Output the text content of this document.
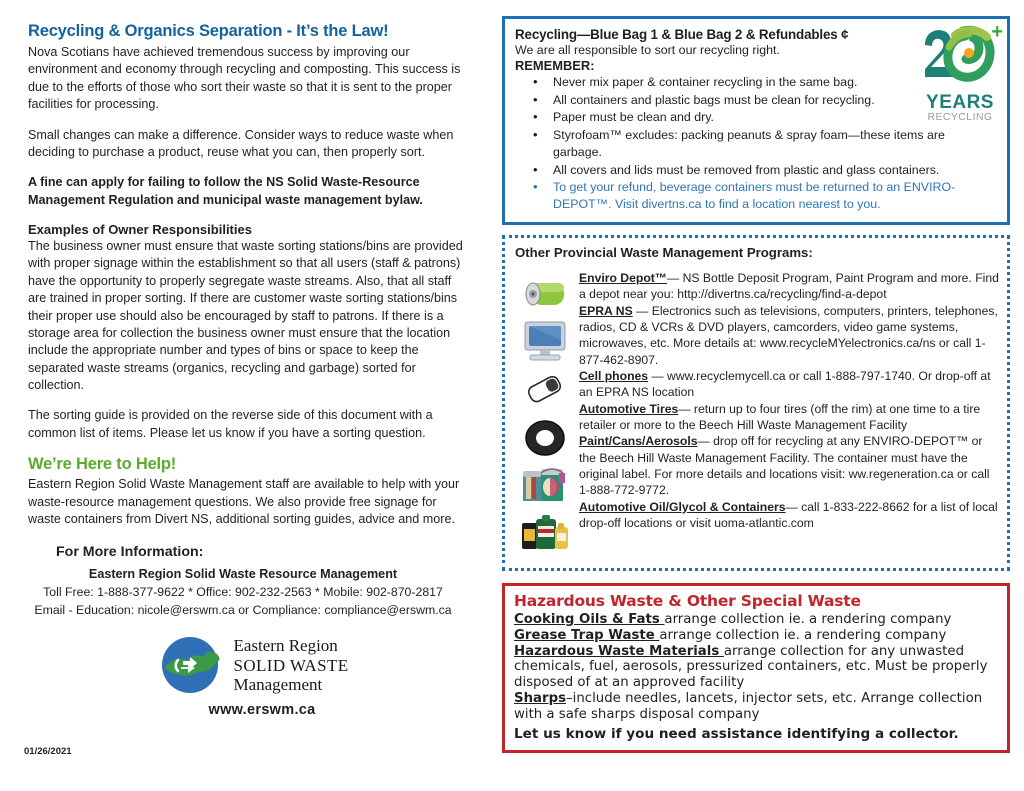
Recycling & Organics Separation - It’s the Law!

Nova Scotians have achieved tremendous success by improving our environment and economy through recycling and composting. This success is due to the efforts of those who sort their waste so that it is sent to the proper facilities for processing.

Small changes can make a difference. Consider ways to reduce waste when deciding to purchase a product, reuse what you can, then properly sort.

A fine can apply for failing to follow the NS Solid Waste-Resource Management Regulation and municipal waste management bylaw.

Examples of Owner Responsibilities

The business owner must ensure that waste sorting stations/bins are provided with proper signage within the establishment so that all users (staff & patrons) have the opportunity to properly segregate waste streams. Also, that all staff are trained in proper sorting. If there are customer waste sorting stations/bins their proper use should also be encouraged by staff to patrons. If there is a storage area for collection the business owner must ensure that the location include the appropriate number and types of bins or space to keep the separated waste streams (organics, recycling and garbage) sorted for collection.

The sorting guide is provided on the reverse side of this document with a common list of items. Please let us know if you have a sorting question.

We’re Here to Help!

Eastern Region Solid Waste Management staff are available to help with your waste-resource management questions. We also provide free signage for waste containers from Divert NS, additional sorting guides, advice and more.

For More Information:
Eastern Region Solid Waste Resource Management
Toll Free: 1-888-377-9622 * Office: 902-232-2563 * Mobile: 902-870-2817
Email - Education: nicole@erswm.ca or Compliance: compliance@erswm.ca
Eastern Region
SOLID WASTE
Management
www.erswm.ca
01/26/2021
Recycling—Blue Bag 1 & Blue Bag 2 & Refundables ¢
We are all responsible to sort our recycling right.
REMEMBER:
• Never mix paper & container recycling in the same bag.
• All containers and plastic bags must be clean for recycling.
• Paper must be clean and dry.
• Styrofoam™ excludes: packing peanuts & spray foam—these items are garbage.
• All covers and lids must be removed from plastic and glass containers.
• To get your refund, beverage containers must be returned to an ENVIRO-DEPOT™. Visit divertns.ca to find a location nearest to you.
+
YEARS
RECYCLING
Other Provincial Waste Management Programs:

Enviro Depot™— NS Bottle Deposit Program, Paint Program and more. Find a depot near you: http://divertns.ca/recycling/find-a-depot

EPRA NS — Electronics such as televisions, computers, printers, telephones, radios, CD & VCRs & DVD players, camcorders, video game systems, microwaves, etc. More details at: www.recycleMYelectronics.ca/ns or call 1-877-462-8907.

Cell phones — www.recyclemycell.ca or call 1-888-797-1740. Or drop-off at an EPRA NS location

Automotive Tires— return up to four tires (off the rim) at one time to a tire retailer or more to the Beech Hill Waste Management Facility

Paint/Cans/Aerosols— drop off for recycling at any ENVIRO-DEPOT™ or the Beech Hill Waste Management Facility. The container must have the original label. For more details and locations visit: ww.regeneration.ca or call 1-888-772-9772.

Automotive Oil/Glycol & Containers— call 1-833-222-8662 for a list of local drop-off locations or visit uoma-atlantic.com

Hazardous Waste & Other Special Waste

Cooking Oils & Fats arrange collection ie. a rendering company

Grease Trap Waste arrange collection ie. a rendering company

Hazardous Waste Materials arrange collection for any unwasted chemicals, fuel, aerosols, pressurized containers, etc. Must be properly disposed of at an approved facility

Sharps–include needles, lancets, injector sets, etc. Arrange collection with a safe sharps disposal company

Let us know if you need assistance identifying a collector.
